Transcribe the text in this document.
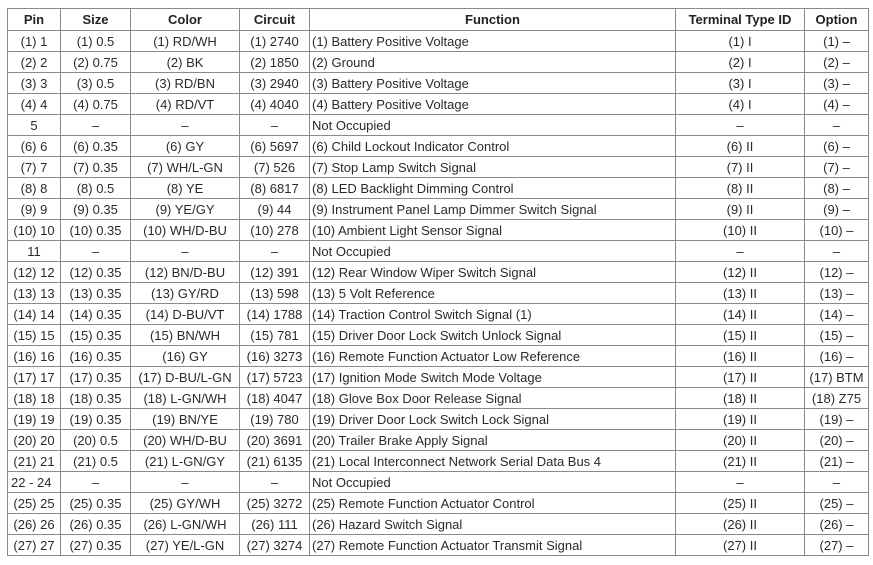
Pin	Size	Color	Circuit	Function	Terminal Type ID	Option
(1) 1	(1) 0.5	(1) RD/WH	(1) 2740	(1) Battery Positive Voltage	(1) I	(1) –
(2) 2	(2) 0.75	(2) BK	(2) 1850	(2) Ground	(2) I	(2) –
(3) 3	(3) 0.5	(3) RD/BN	(3) 2940	(3) Battery Positive Voltage	(3) I	(3) –
(4) 4	(4) 0.75	(4) RD/VT	(4) 4040	(4) Battery Positive Voltage	(4) I	(4) –
5	–	–	–	Not Occupied	–	–
(6) 6	(6) 0.35	(6) GY	(6) 5697	(6) Child Lockout Indicator Control	(6) II	(6) –
(7) 7	(7) 0.35	(7) WH/L-GN	(7) 526	(7) Stop Lamp Switch Signal	(7) II	(7) –
(8) 8	(8) 0.5	(8) YE	(8) 6817	(8) LED Backlight Dimming Control	(8) II	(8) –
(9) 9	(9) 0.35	(9) YE/GY	(9) 44	(9) Instrument Panel Lamp Dimmer Switch Signal	(9) II	(9) –
(10) 10	(10) 0.35	(10) WH/D-BU	(10) 278	(10) Ambient Light Sensor Signal	(10) II	(10) –
11	–	–	–	Not Occupied	–	–
(12) 12	(12) 0.35	(12) BN/D-BU	(12) 391	(12) Rear Window Wiper Switch Signal	(12) II	(12) –
(13) 13	(13) 0.35	(13) GY/RD	(13) 598	(13) 5 Volt Reference	(13) II	(13) –
(14) 14	(14) 0.35	(14) D-BU/VT	(14) 1788	(14) Traction Control Switch Signal (1)	(14) II	(14) –
(15) 15	(15) 0.35	(15) BN/WH	(15) 781	(15) Driver Door Lock Switch Unlock Signal	(15) II	(15) –
(16) 16	(16) 0.35	(16) GY	(16) 3273	(16) Remote Function Actuator Low Reference	(16) II	(16) –
(17) 17	(17) 0.35	(17) D-BU/L-GN	(17) 5723	(17) Ignition Mode Switch Mode Voltage	(17) II	(17) BTM
(18) 18	(18) 0.35	(18) L-GN/WH	(18) 4047	(18) Glove Box Door Release Signal	(18) II	(18) Z75
(19) 19	(19) 0.35	(19) BN/YE	(19) 780	(19) Driver Door Lock Switch Lock Signal	(19) II	(19) –
(20) 20	(20) 0.5	(20) WH/D-BU	(20) 3691	(20) Trailer Brake Apply Signal	(20) II	(20) –
(21) 21	(21) 0.5	(21) L-GN/GY	(21) 6135	(21) Local Interconnect Network Serial Data Bus 4	(21) II	(21) –
22 - 24	–	–	–	Not Occupied	–	–
(25) 25	(25) 0.35	(25) GY/WH	(25) 3272	(25) Remote Function Actuator Control	(25) II	(25) –
(26) 26	(26) 0.35	(26) L-GN/WH	(26) 111	(26) Hazard Switch Signal	(26) II	(26) –
(27) 27	(27) 0.35	(27) YE/L-GN	(27) 3274	(27) Remote Function Actuator Transmit Signal	(27) II	(27) –
